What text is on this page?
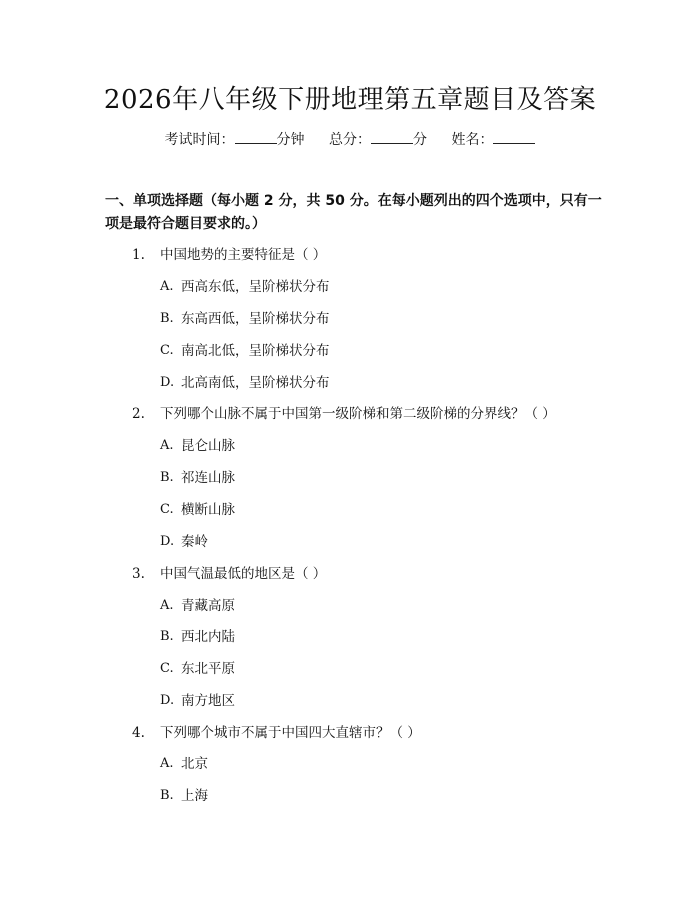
2026年八年级下册地理第五章题目及答案
考试时间：	分钟 总分：	分 姓名：
一、单项选择题（每小题 2 分，共 50 分。在每小题列出的四个选项中，只有一项是最符合题目要求的。）
1. 中国地势的主要特征是（ ）
A. 西高东低，呈阶梯状分布
B. 东高西低，呈阶梯状分布
C. 南高北低，呈阶梯状分布
D. 北高南低，呈阶梯状分布
2. 下列哪个山脉不属于中国第一级阶梯和第二级阶梯的分界线？（ ）
A. 昆仑山脉
B. 祁连山脉
C. 横断山脉
D. 秦岭
3. 中国气温最低的地区是（ ）
A. 青藏高原
B. 西北内陆
C. 东北平原
D. 南方地区
4. 下列哪个城市不属于中国四大直辖市？（ ）
A. 北京
B. 上海
